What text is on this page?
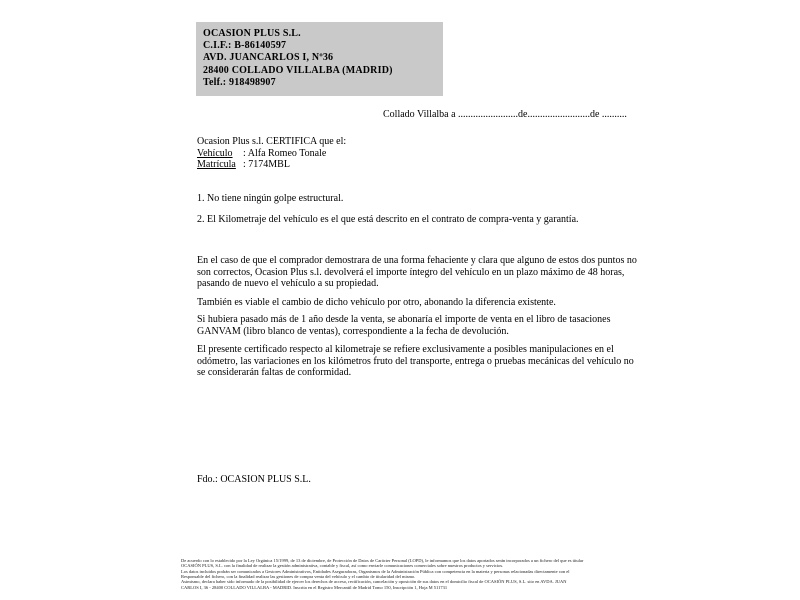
OCASION PLUS S.L.
C.I.F.: B-86140597
AVD. JUANCARLOS I, Nº36
28400 COLLADO VILLALBA (MADRID)
Telf.: 918498907
Collado Villalba a ........................de.........................de ..........
Ocasion Plus s.l. CERTIFICA que el:
Vehículo : Alfa Romeo Tonale
Matrícula : 7174MBL
1. No tiene ningún golpe estructural.
2. El Kilometraje del vehículo es el que está descrito en el contrato de compra-venta y garantía.
En el caso de que el comprador demostrara de una forma fehaciente y clara que alguno de estos dos puntos no
son correctos, Ocasion Plus s.l. devolverá el importe íntegro del vehículo en un plazo máximo de 48 horas,
pasando de nuevo el vehículo a su propiedad.
También es viable el cambio de dicho vehículo por otro, abonando la diferencia existente.
Si hubiera pasado más de 1 año desde la venta, se abonaría el importe de venta en el libro de tasaciones
GANVAM (libro blanco de ventas), correspondiente a la fecha de devolución.
El presente certificado respecto al kilometraje se refiere exclusivamente a posibles manipulaciones en el
odómetro, las variaciones en los kilómetros fruto del transporte, entrega o pruebas mecánicas del vehículo no
se considerarán faltas de conformidad.
Fdo.: OCASION PLUS S.L.
De acuerdo con lo establecido por la Ley Orgánica 15/1999, de 13 de diciembre, de Protección de Datos de Carácter Personal (LOPD), le informamos que los datos aportados serán incorporados a un fichero del que es titular
OCASIÓN PLUS, S.L. con la finalidad de realizar la gestión administrativa, contable y fiscal, así como enviarle comunicaciones comerciales sobre nuestros productos y servicios.
Los datos incluidos podrán ser comunicados a Gestores Administrativos, Entidades Aseguradoras, Organismos de la Administración Pública con competencia en la materia y personas relacionadas directamente con el
Responsable del fichero, con la finalidad realizar las gestiones de compra venta del vehículo y el cambio de titularidad del mismo.
Asimismo, declara haber sido informado de la posibilidad de ejercer los derechos de acceso, rectificación, cancelación y oposición de sus datos en el domicilio fiscal de OCASIÓN PLUS, S.L. sito en AVDA. JUAN
CARLOS I, 36 - 28400 COLLADO VILLALBA - MADRID. Inscrita en el Registro Mercantil de Madrid Tomo 150, Inscripción 1, Hoja M 511731
